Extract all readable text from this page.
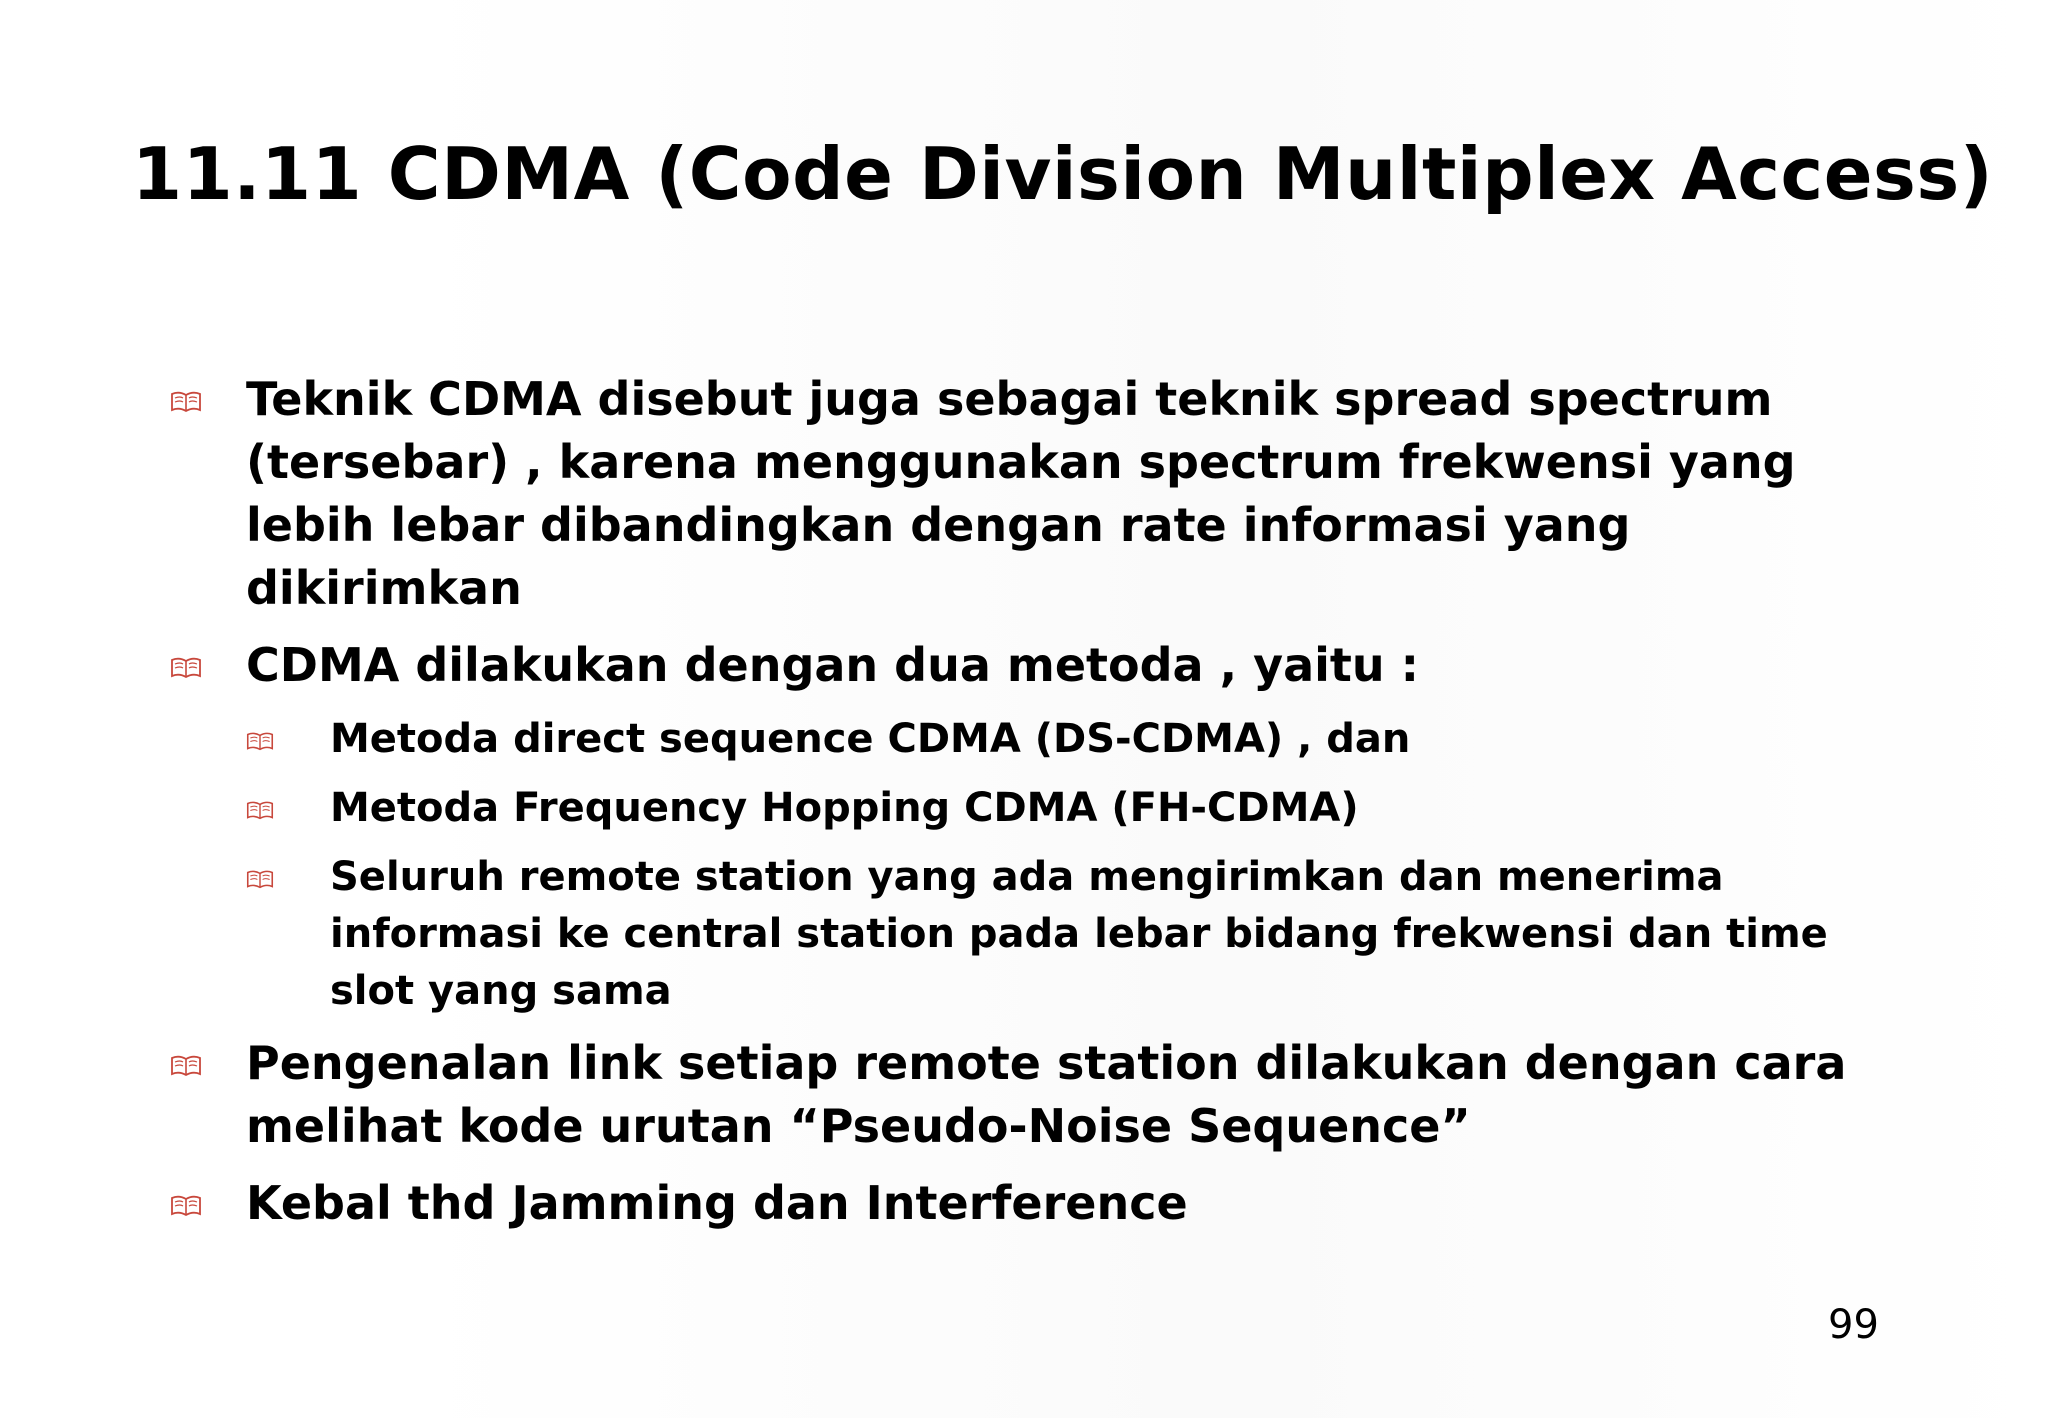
11.11 CDMA (Code Division Multiplex Access)
Teknik CDMA disebut juga sebagai teknik spread spectrum (tersebar) , karena menggunakan spectrum frekwensi yang lebih lebar dibandingkan dengan rate informasi yang dikirimkan
CDMA dilakukan dengan dua metoda , yaitu :
Metoda direct sequence CDMA (DS-CDMA) , dan
Metoda Frequency Hopping CDMA (FH-CDMA)
Seluruh remote station yang ada mengirimkan dan menerima informasi ke central station pada lebar bidang frekwensi dan time slot yang sama
Pengenalan link setiap remote station dilakukan dengan cara melihat kode urutan “Pseudo-Noise Sequence”
Kebal thd Jamming dan Interference
99
